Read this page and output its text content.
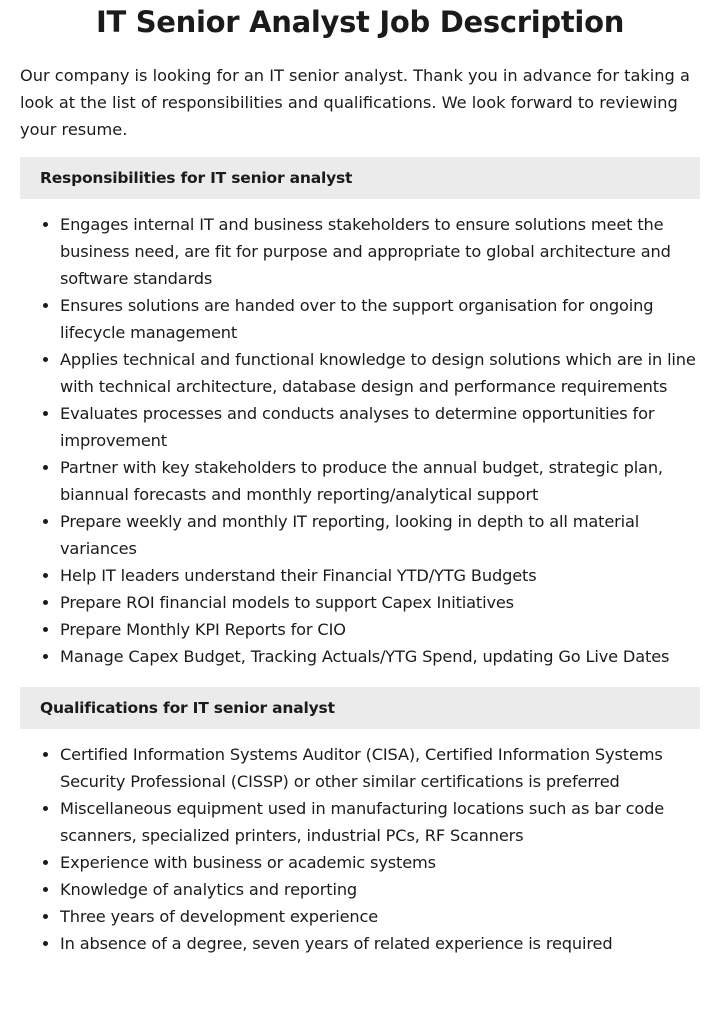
IT Senior Analyst Job Description

Our company is looking for an IT senior analyst. Thank you in advance for taking a look at the list of responsibilities and qualifications. We look forward to reviewing your resume.

Responsibilities for IT senior analyst
• Engages internal IT and business stakeholders to ensure solutions meet the business need, are fit for purpose and appropriate to global architecture and software standards
• Ensures solutions are handed over to the support organisation for ongoing lifecycle management
• Applies technical and functional knowledge to design solutions which are in line with technical architecture, database design and performance requirements
• Evaluates processes and conducts analyses to determine opportunities for improvement
• Partner with key stakeholders to produce the annual budget, strategic plan, biannual forecasts and monthly reporting/analytical support
• Prepare weekly and monthly IT reporting, looking in depth to all material variances
• Help IT leaders understand their Financial YTD/YTG Budgets
• Prepare ROI financial models to support Capex Initiatives
• Prepare Monthly KPI Reports for CIO
• Manage Capex Budget, Tracking Actuals/YTG Spend, updating Go Live Dates
Qualifications for IT senior analyst
• Certified Information Systems Auditor (CISA), Certified Information Systems Security Professional (CISSP) or other similar certifications is preferred
• Miscellaneous equipment used in manufacturing locations such as bar code scanners, specialized printers, industrial PCs, RF Scanners
• Experience with business or academic systems
• Knowledge of analytics and reporting
• Three years of development experience
• In absence of a degree, seven years of related experience is required
